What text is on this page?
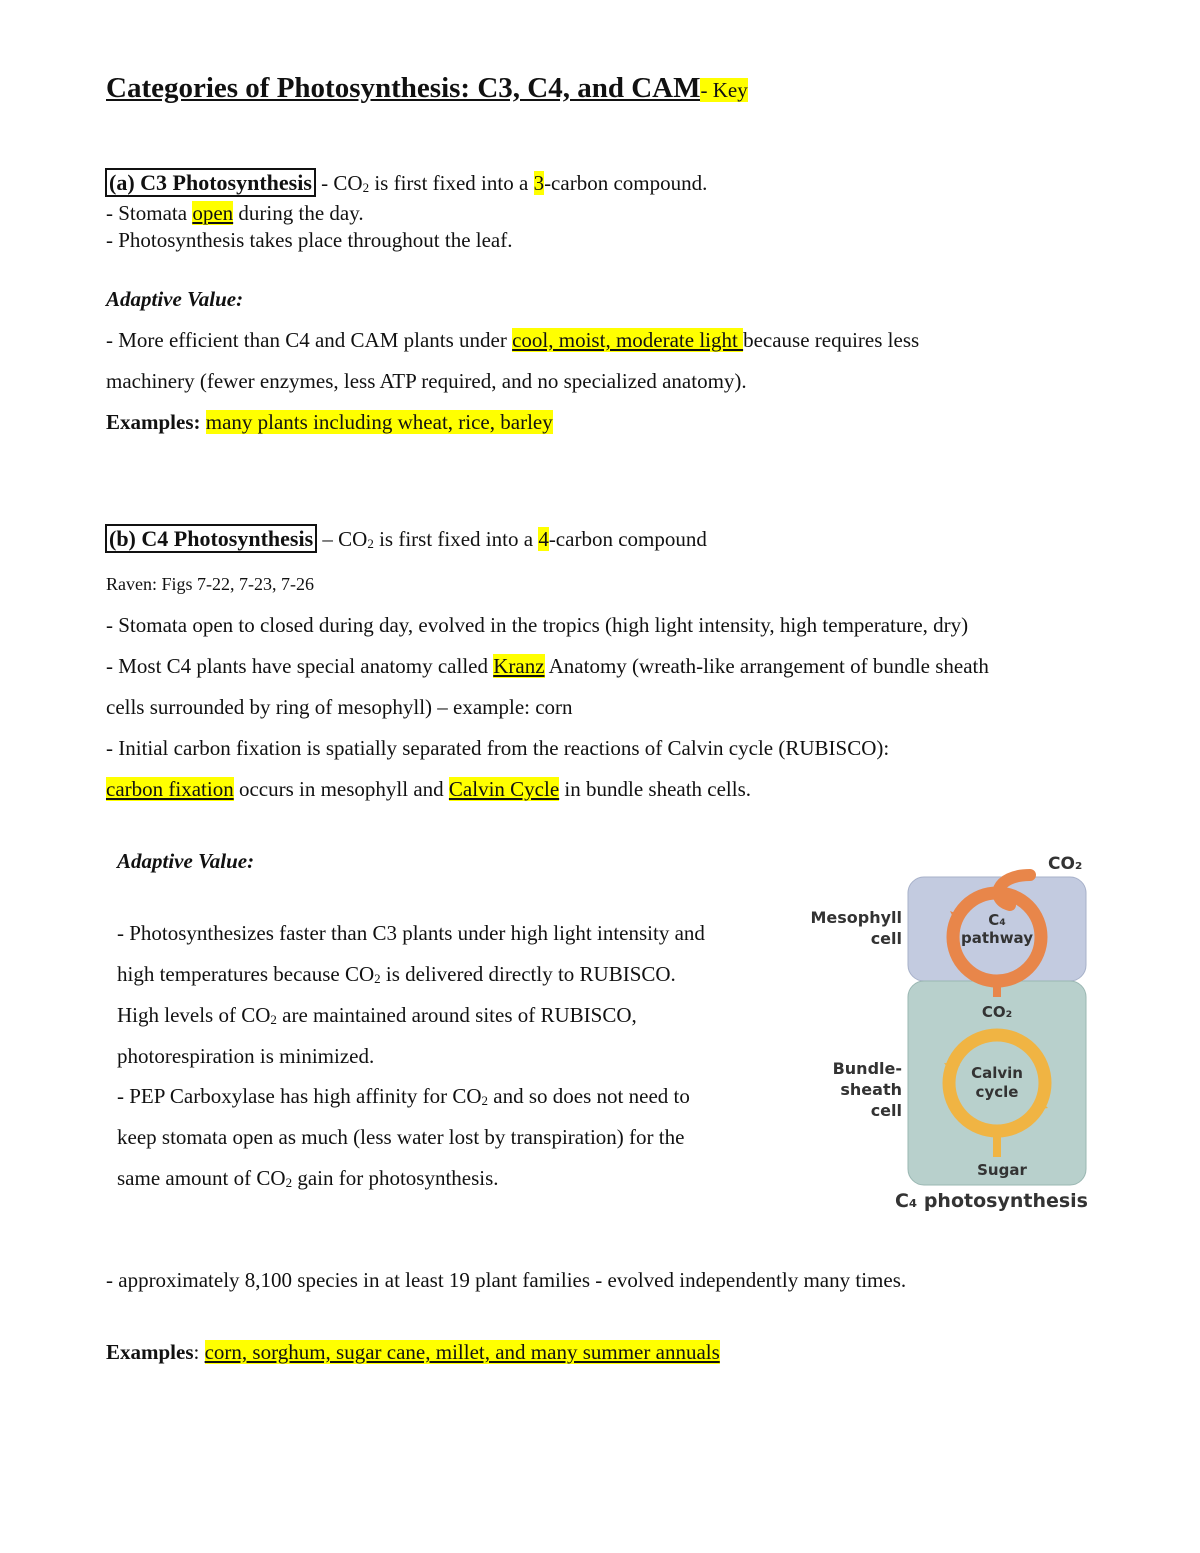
Categories of Photosynthesis: C3, C4, and CAM- Key
(a) C3 Photosynthesis - $CO_2$ is first fixed into a 3-carbon compound.
- Stomata open during the day.
- Photosynthesis takes place throughout the leaf.
Adaptive Value:
- More efficient than C4 and CAM plants under cool, moist, moderate light because requires less
machinery (fewer enzymes, less ATP required, and no specialized anatomy).
Examples: many plants including wheat, rice, barley
(b) C4 Photosynthesis – $CO_2$ is first fixed into a 4-carbon compound
Raven: Figs 7-22, 7-23, 7-26
- Stomata open to closed during day, evolved in the tropics (high light intensity, high temperature, dry)
- Most C4 plants have special anatomy called Kranz Anatomy (wreath-like arrangement of bundle sheath
cells surrounded by ring of mesophyll) – example: corn
- Initial carbon fixation is spatially separated from the reactions of Calvin cycle (RUBISCO):
carbon fixation occurs in mesophyll and Calvin Cycle in bundle sheath cells.
Adaptive Value:
- Photosynthesizes faster than C3 plants under high light intensity and
high temperatures because $CO_2$ is delivered directly to RUBISCO.
High levels of $CO_2$ are maintained around sites of RUBISCO,
photorespiration is minimized.
- PEP Carboxylase has high affinity for $CO_2$ and so does not need to
keep stomata open as much (less water lost by transpiration) for the
same amount of $CO_2$ gain for photosynthesis.
CO₂
Mesophyll
cell
C₄
pathway
CO₂
Bundle-
sheath
cell
Calvin
cycle
Sugar
C₄ photosynthesis
- approximately 8,100 species in at least 19 plant families - evolved independently many times.
Examples: corn, sorghum, sugar cane, millet, and many summer annuals
